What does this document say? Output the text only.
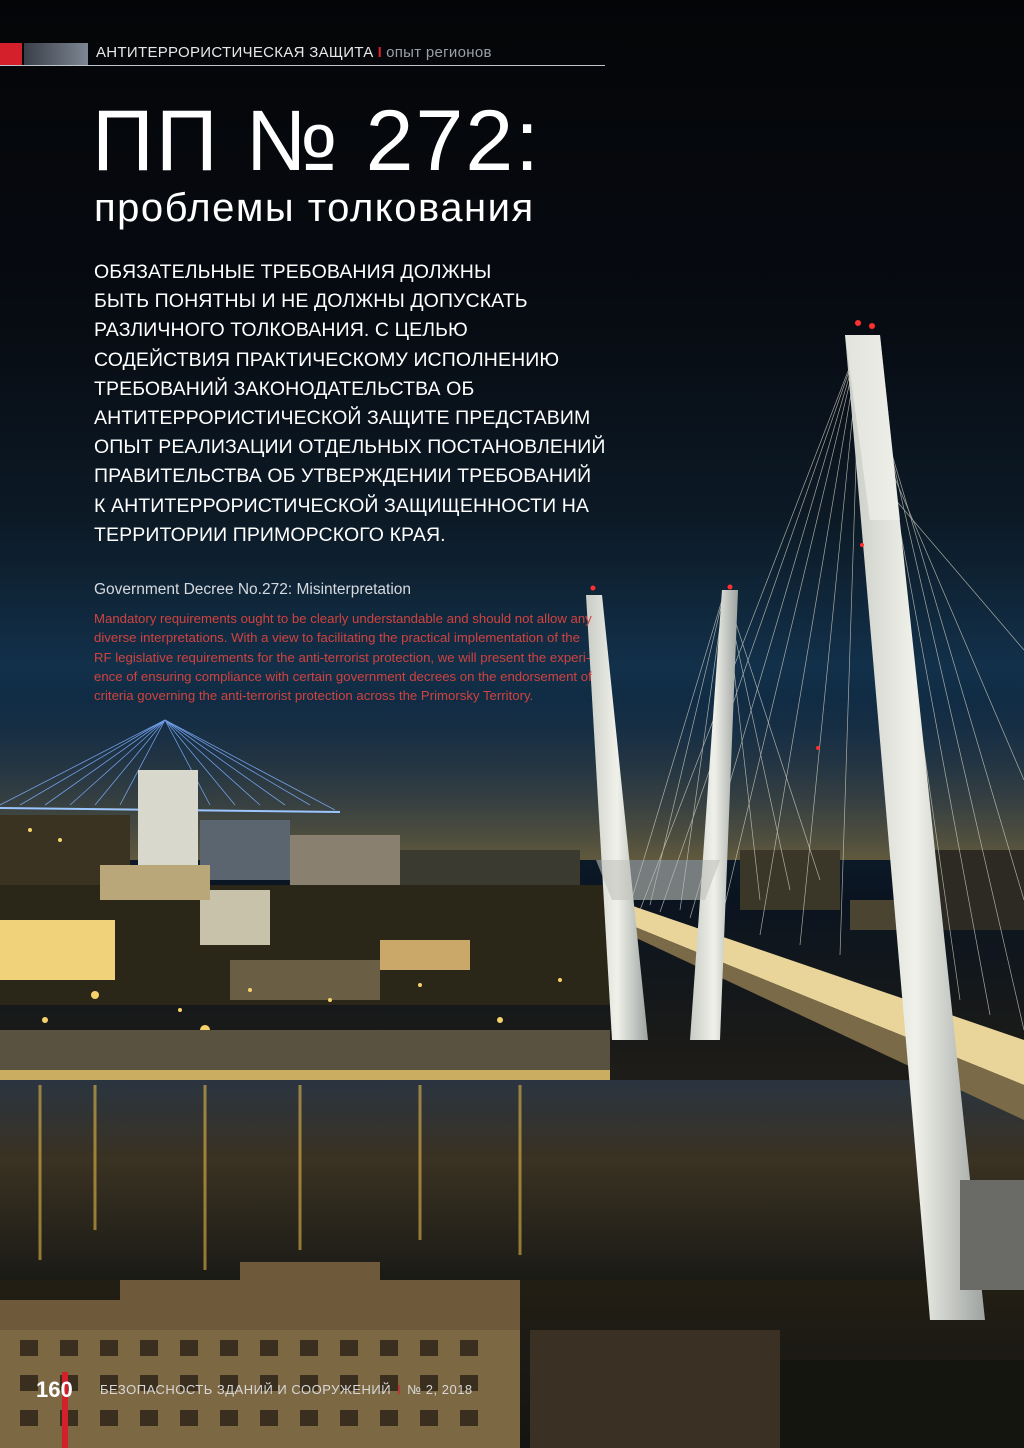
АНТИТЕРРОРИСТИЧЕСКАЯ ЗАЩИТА I опыт регионов
ПП № 272:
проблемы толкования
ОБЯЗАТЕЛЬНЫЕ ТРЕБОВАНИЯ ДОЛЖНЫ
БЫТЬ ПОНЯТНЫ И НЕ ДОЛЖНЫ ДОПУСКАТЬ
РАЗЛИЧНОГО ТОЛКОВАНИЯ. С ЦЕЛЬЮ
СОДЕЙСТВИЯ ПРАКТИЧЕСКОМУ ИСПОЛНЕНИЮ
ТРЕБОВАНИЙ ЗАКОНОДАТЕЛЬСТВА ОБ
АНТИТЕРРОРИСТИЧЕСКОЙ ЗАЩИТЕ ПРЕДСТАВИМ
ОПЫТ РЕАЛИЗАЦИИ ОТДЕЛЬНЫХ ПОСТАНОВЛЕНИЙ
ПРАВИТЕЛЬСТВА ОБ УТВЕРЖДЕНИИ ТРЕБОВАНИЙ
К АНТИТЕРРОРИСТИЧЕСКОЙ ЗАЩИЩЕННОСТИ НА
ТЕРРИТОРИИ ПРИМОРСКОГО КРАЯ.
Government Decree No.272: Misinterpretation
Mandatory requirements ought to be clearly understandable and should not allow any
diverse interpretations. With a view to facilitating the practical implementation of the
RF legislative requirements for the anti-terrorist protection, we will present the experi-
ence of ensuring compliance with certain government decrees on the endorsement of
criteria governing the anti-terrorist protection across the Primorsky Territory.
160 БЕЗОПАСНОСТЬ ЗДАНИЙ И СООРУЖЕНИЙ I № 2, 2018
